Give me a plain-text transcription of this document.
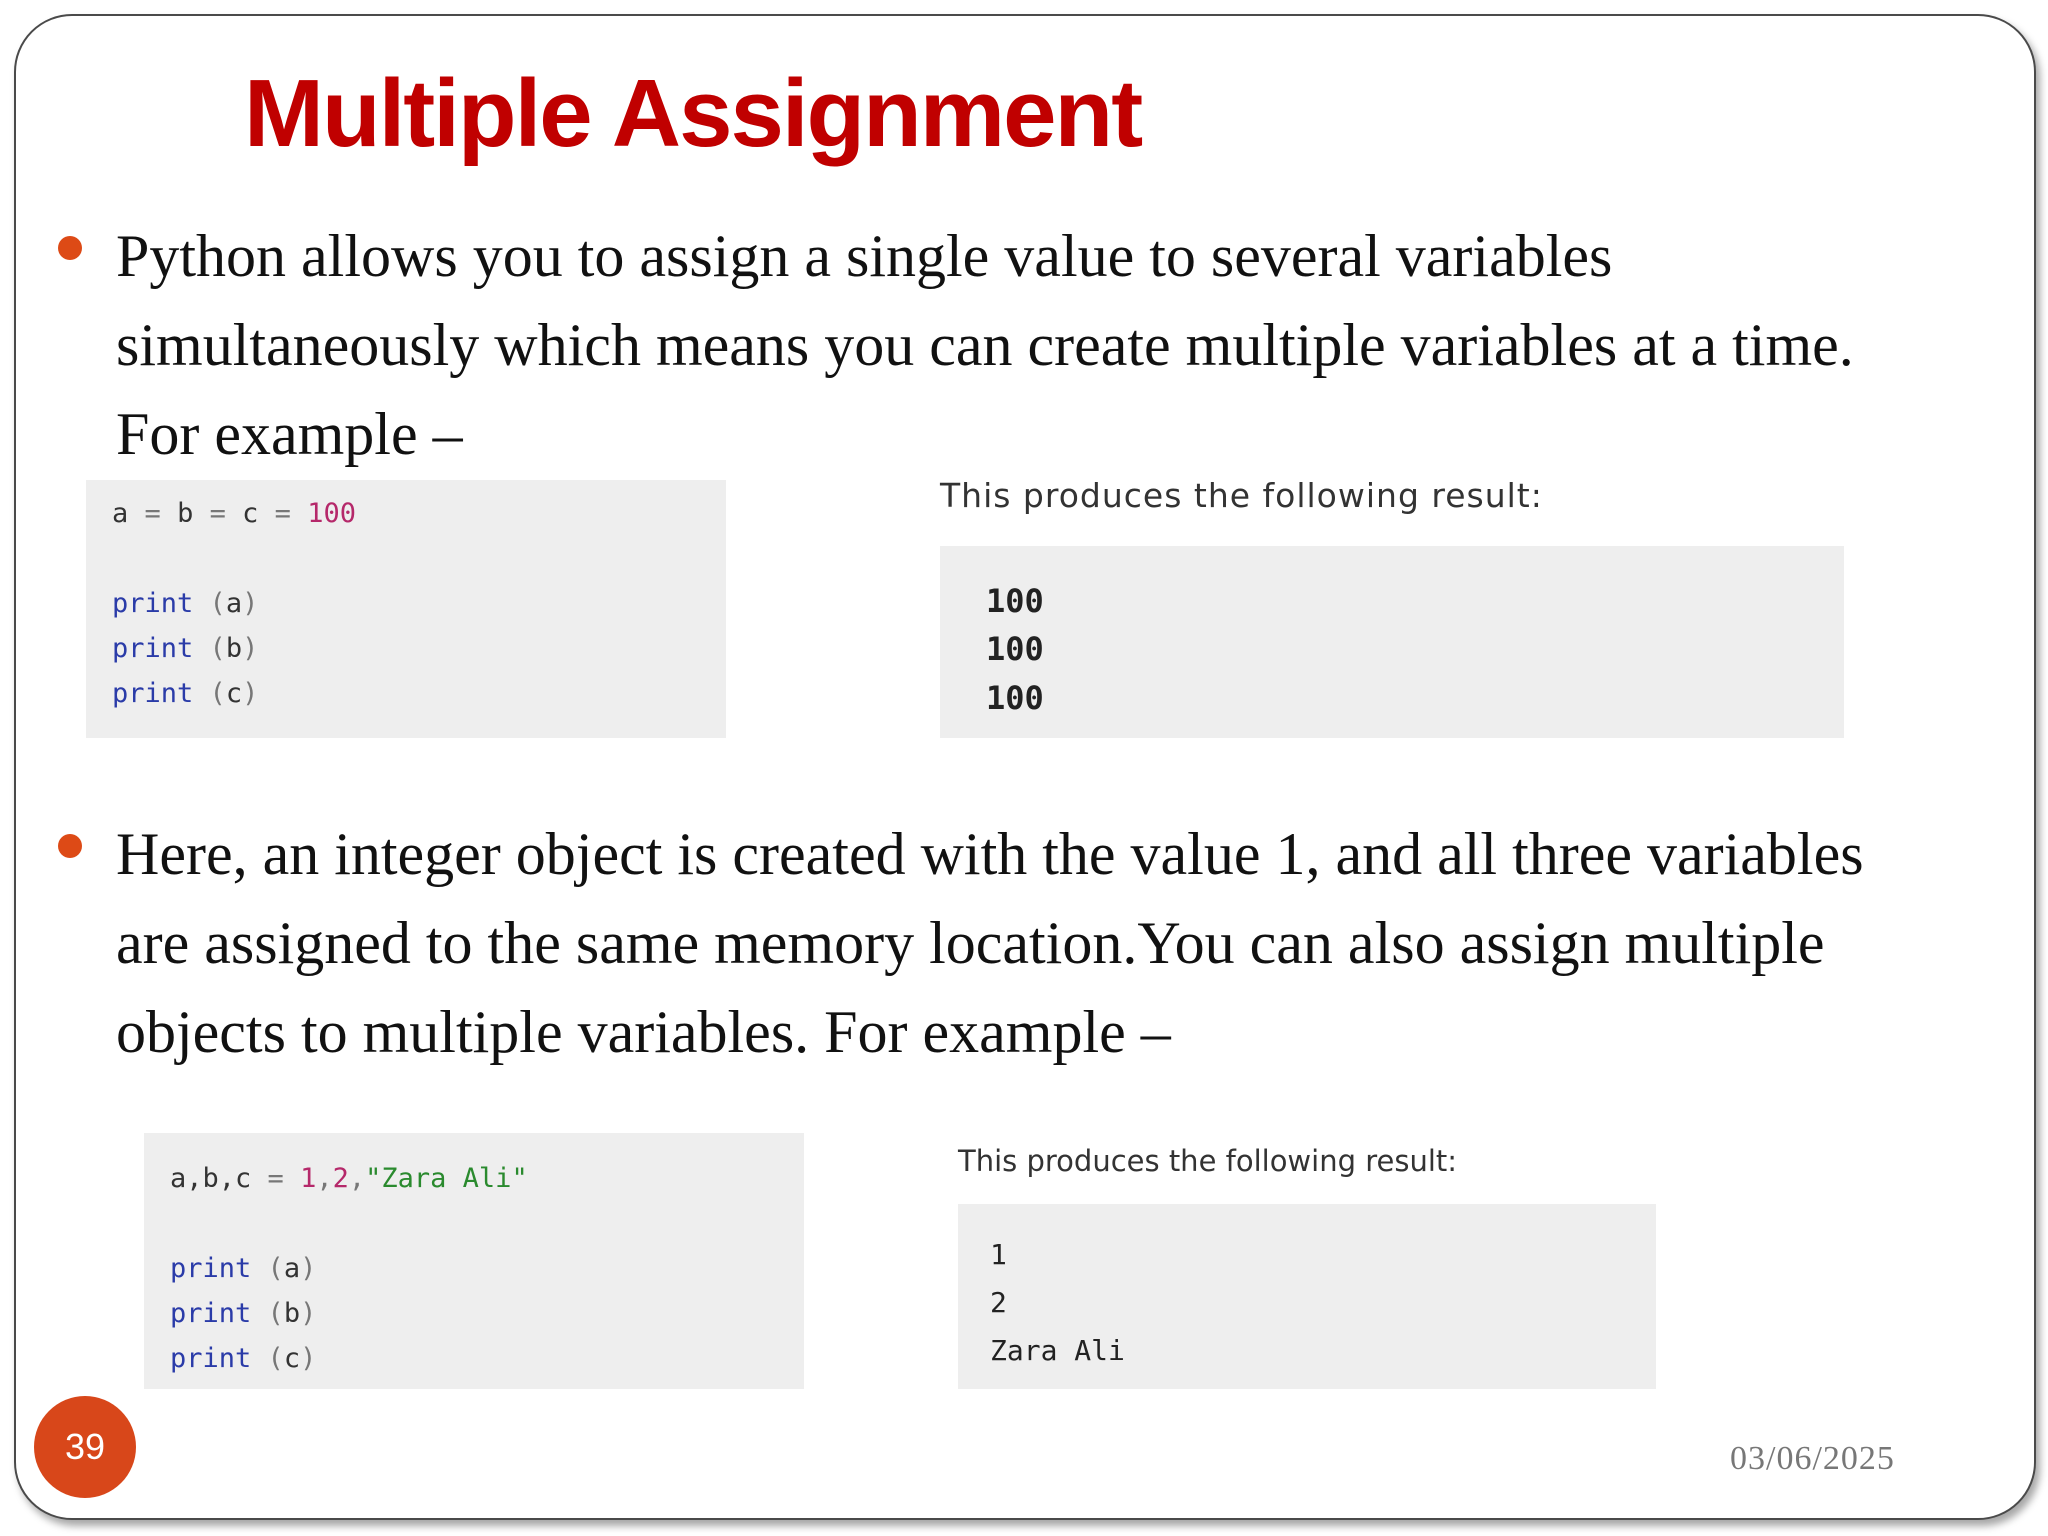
Multiple Assignment

Python allows you to assign a single value to several variables simultaneously which means you can create multiple variables at a time. For example –

a = b = c = 100
print (a)
print (b)
print (c)
This produces the following result:
100
100
100

Here, an integer object is created with the value 1, and all three variables are assigned to the same memory location.You can also assign multiple objects to multiple variables. For example –

a,b,c = 1,2,"Zara Ali"
print (a)
print (b)
print (c)
This produces the following result:
1
2
Zara Ali
39	03/06/2025
